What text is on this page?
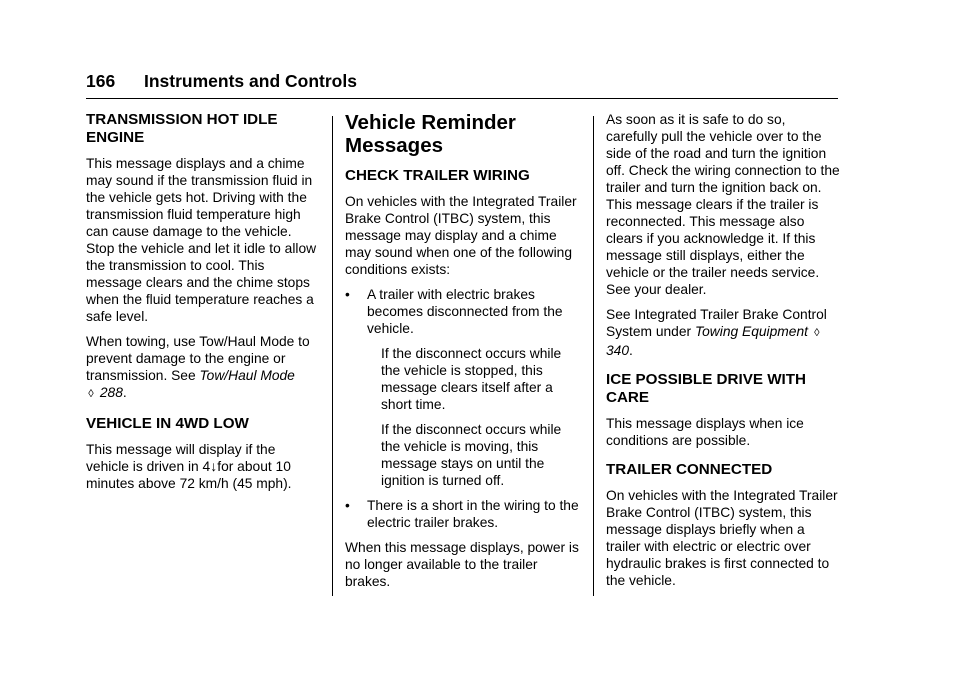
166 Instruments and Controls
TRANSMISSION HOT IDLE ENGINE

This message displays and a chime may sound if the transmission fluid in the vehicle gets hot. Driving with the transmission fluid temperature high can cause damage to the vehicle. Stop the vehicle and let it idle to allow the transmission to cool. This message clears and the chime stops when the fluid temperature reaches a safe level.

When towing, use Tow/Haul Mode to prevent damage to the engine or transmission. See Tow/Haul Mode
◊ 288.

VEHICLE IN 4WD LOW

This message will display if the vehicle is driven in 4↓for about 10 minutes above 72 km/h (45 mph).

Vehicle Reminder Messages
CHECK TRAILER WIRING

On vehicles with the Integrated Trailer Brake Control (ITBC) system, this message may display and a chime may sound when one of the following conditions exists:

•	A trailer with electric brakes becomes disconnected from the vehicle.

If the disconnect occurs while the vehicle is stopped, this message clears itself after a short time.

If the disconnect occurs while the vehicle is moving, this message stays on until the ignition is turned off.

•	There is a short in the wiring to the electric trailer brakes.

When this message displays, power is no longer available to the trailer brakes.

As soon as it is safe to do so, carefully pull the vehicle over to the side of the road and turn the ignition off. Check the wiring connection to the trailer and turn the ignition back on. This message clears if the trailer is reconnected. This message also clears if you acknowledge it. If this message still displays, either the vehicle or the trailer needs service. See your dealer.

See Integrated Trailer Brake Control System under Towing Equipment ◊ 340.

ICE POSSIBLE DRIVE WITH CARE

This message displays when ice conditions are possible.

TRAILER CONNECTED

On vehicles with the Integrated Trailer Brake Control (ITBC) system, this message displays briefly when a trailer with electric or electric over hydraulic brakes is first connected to the vehicle.
